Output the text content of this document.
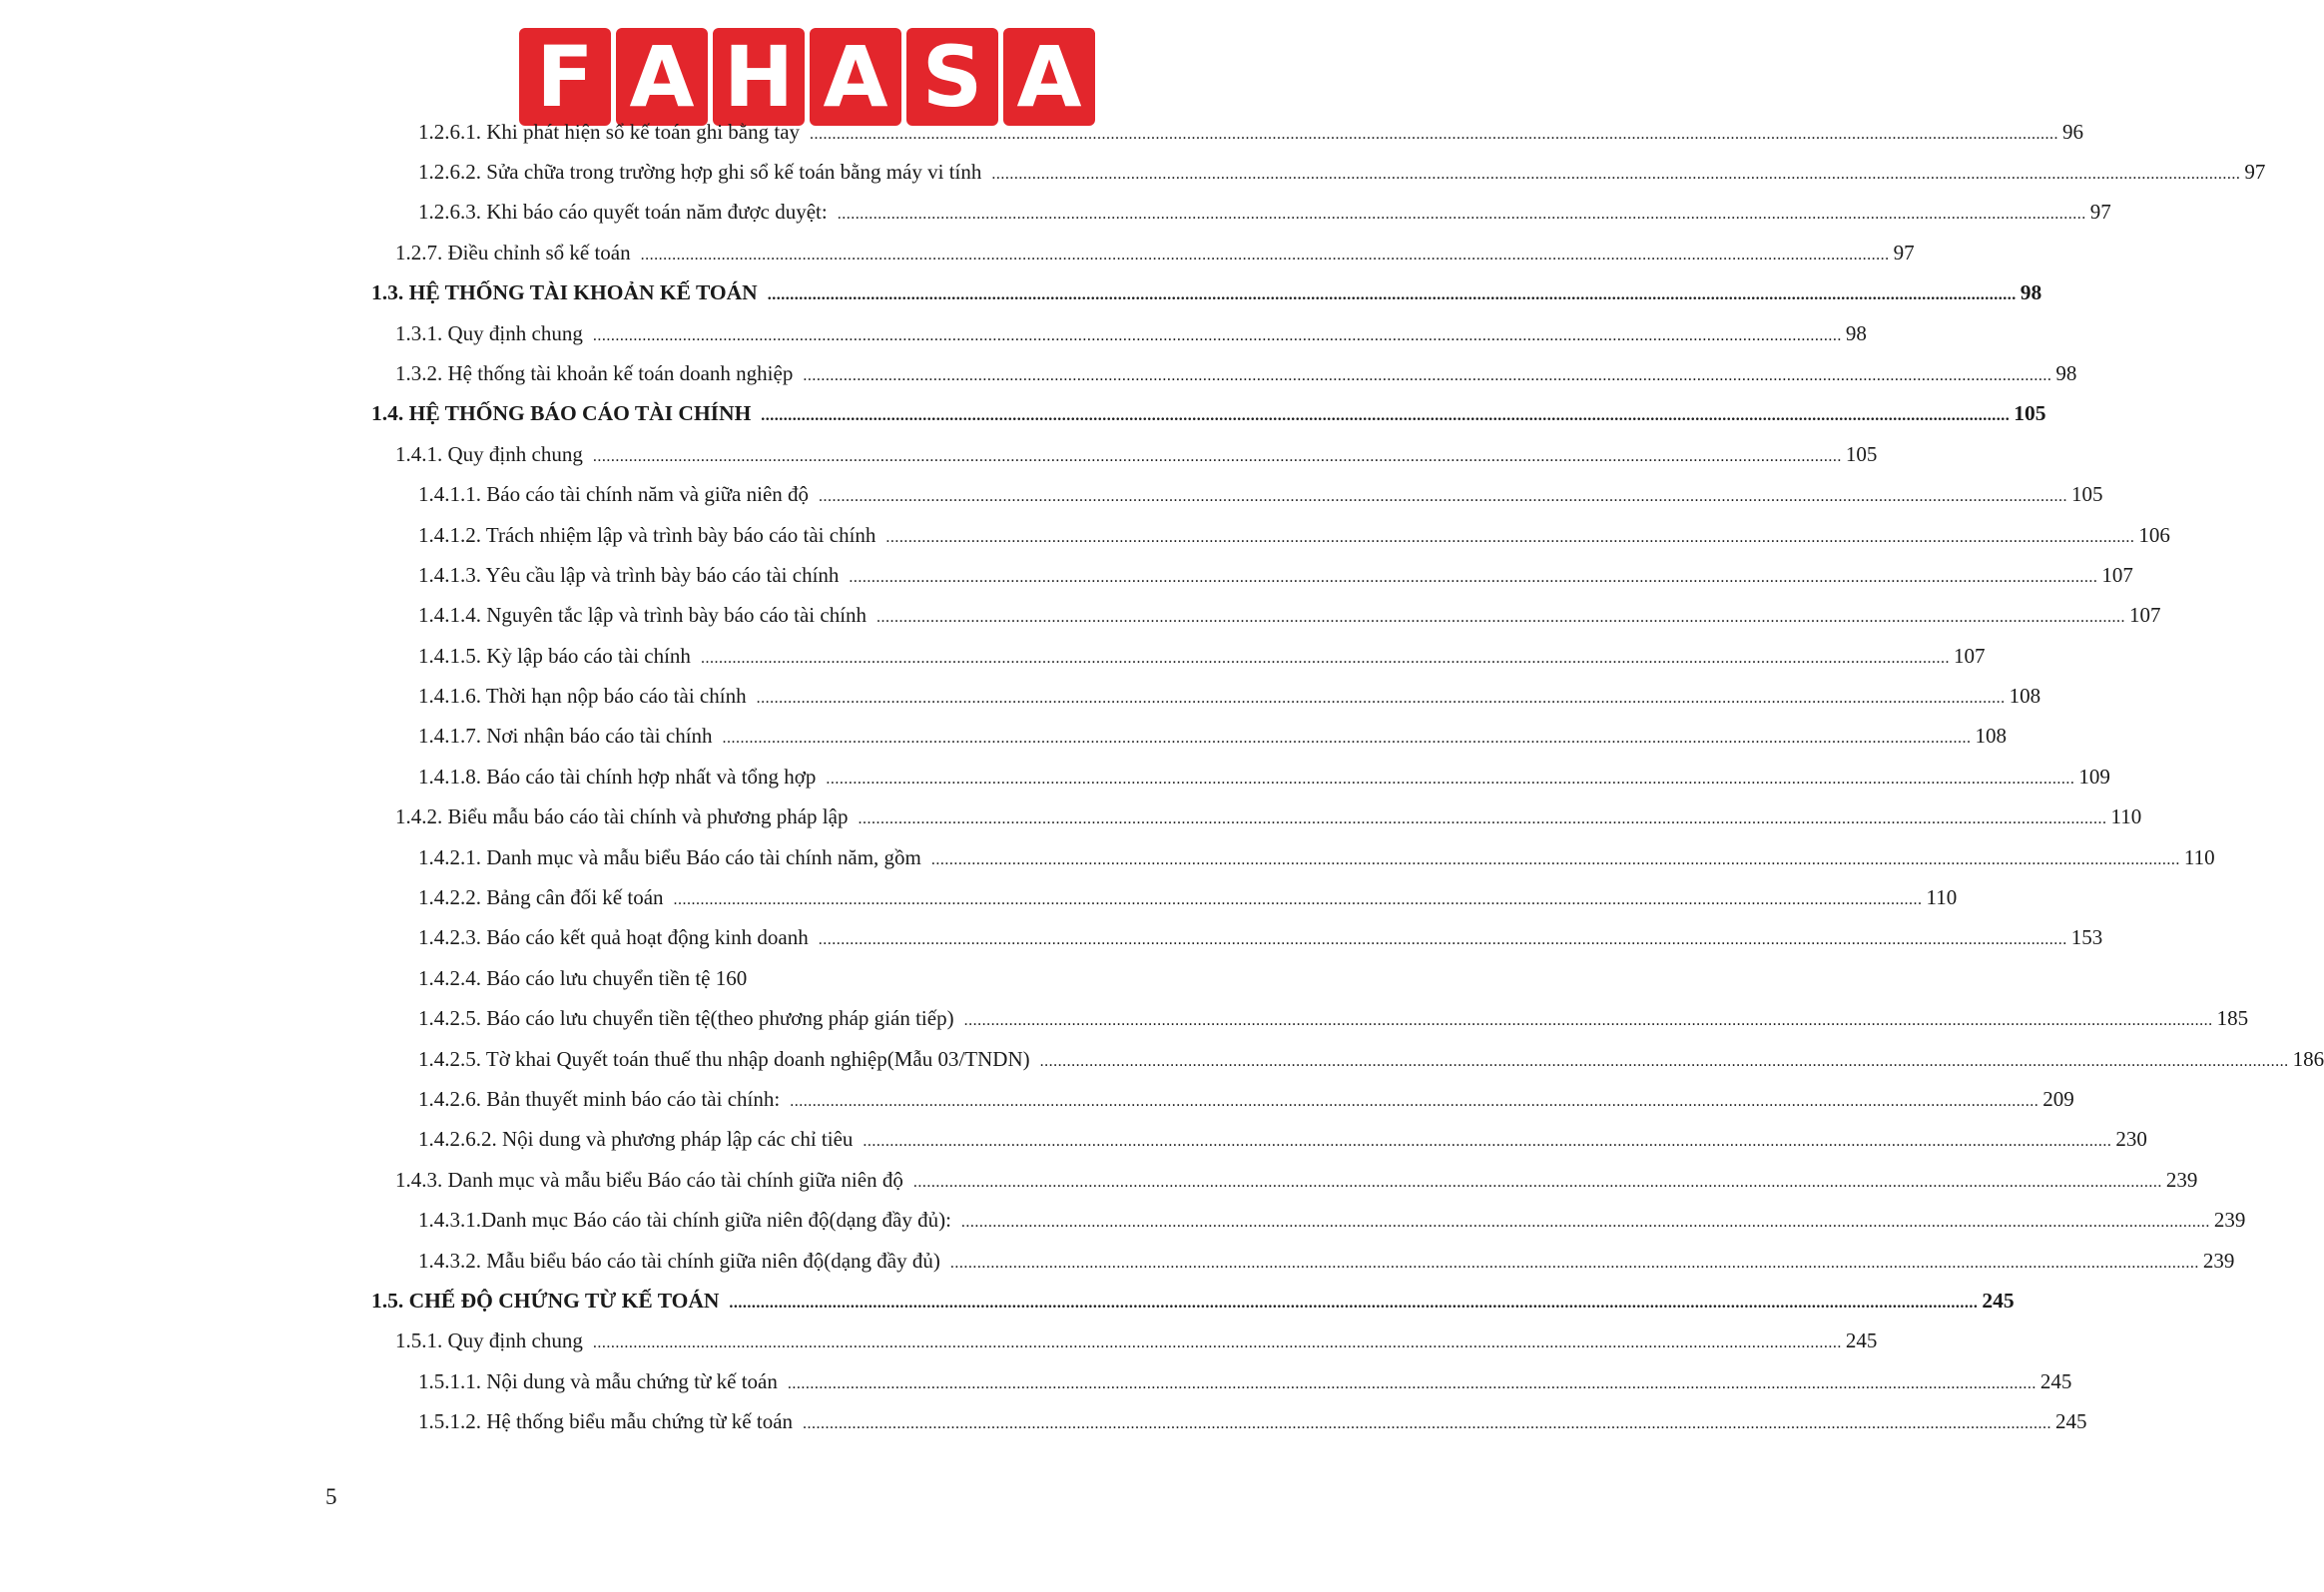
F A H A S A
1.2.6.1. Khi phát hiện sổ kế toán ghi bằng tay .....	96
1.2.6.2. Sửa chữa trong trường hợp ghi sổ kế toán bằng máy vi tính .....	97
1.2.6.3. Khi báo cáo quyết toán năm được duyệt: .....	97
1.2.7. Điều chỉnh sổ kế toán .....	97
1.3. HỆ THỐNG TÀI KHOẢN KẾ TOÁN .....	98
1.3.1. Quy định chung .....	98
1.3.2. Hệ thống tài khoản kế toán doanh nghiệp .....	98
1.4. HỆ THỐNG BÁO CÁO TÀI CHÍNH .....	105
1.4.1. Quy định chung .....	105
1.4.1.1. Báo cáo tài chính năm và giữa niên độ .....	105
1.4.1.2. Trách nhiệm lập và trình bày báo cáo tài chính .....	106
1.4.1.3. Yêu cầu lập và trình bày báo cáo tài chính .....	107
1.4.1.4. Nguyên tắc lập và trình bày báo cáo tài chính .....	107
1.4.1.5. Kỳ lập báo cáo tài chính .....	107
1.4.1.6. Thời hạn nộp báo cáo tài chính .....	108
1.4.1.7. Nơi nhận báo cáo tài chính .....	108
1.4.1.8. Báo cáo tài chính hợp nhất và tổng hợp .....	109
1.4.2. Biểu mẫu báo cáo tài chính và phương pháp lập .....	110
1.4.2.1. Danh mục và mẫu biểu Báo cáo tài chính năm, gồm .....	110
1.4.2.2. Bảng cân đối kế toán .....	110
1.4.2.3. Báo cáo kết quả hoạt động kinh doanh .....	153
1.4.2.4. Báo cáo lưu chuyển tiền tệ 160
1.4.2.5. Báo cáo lưu chuyển tiền tệ(theo phương pháp gián tiếp) .....	185
1.4.2.5. Tờ khai Quyết toán thuế thu nhập doanh nghiệp(Mẫu 03/TNDN) .....	186
1.4.2.6. Bản thuyết minh báo cáo tài chính: .....	209
1.4.2.6.2. Nội dung và phương pháp lập các chỉ tiêu .....	230
1.4.3. Danh mục và mẫu biểu Báo cáo tài chính giữa niên độ .....	239
1.4.3.1.Danh mục Báo cáo tài chính giữa niên độ(dạng đầy đủ): .....	239
1.4.3.2. Mẫu biểu báo cáo tài chính giữa niên độ(dạng đầy đủ) .....	239
1.5. CHẾ ĐỘ CHỨNG TỪ KẾ TOÁN .....	245
1.5.1. Quy định chung .....	245
1.5.1.1. Nội dung và mẫu chứng từ kế toán .....	245
1.5.1.2. Hệ thống biểu mẫu chứng từ kế toán .....	245
5
